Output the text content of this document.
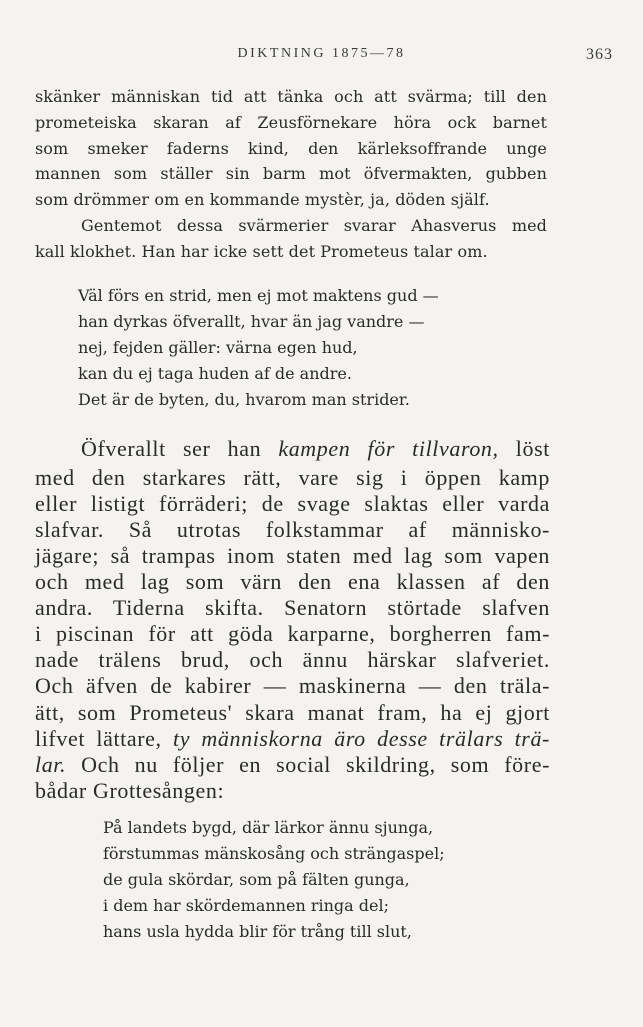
DIKTNING 1875—78	363
skänker människan tid att tänka och att svärma; till den
prometeiska skaran af Zeusförnekare höra ock barnet
som smeker faderns kind, den kärleksoffrande unge
mannen som ställer sin barm mot öfvermakten, gubben
som drömmer om en kommande mystèr, ja, döden själf.
Gentemot dessa svärmerier svarar Ahasverus med
kall klokhet. Han har icke sett det Prometeus talar om.
Väl förs en strid, men ej mot maktens gud —
han dyrkas öfverallt, hvar än jag vandre —
nej, fejden gäller: värna egen hud,
kan du ej taga huden af de andre.
Det är de byten, du, hvarom man strider.
Öfverallt ser han kampen för tillvaron, löst
med den starkares rätt, vare sig i öppen kamp
eller listigt förräderi; de svage slaktas eller varda
slafvar. Så utrotas folkstammar af människo-
jägare; så trampas inom staten med lag som vapen
och med lag som värn den ena klassen af den
andra. Tiderna skifta. Senatorn störtade slafven
i piscinan för att göda karparne, borgherren fam-
nade trälens brud, och ännu härskar slafveriet.
Och äfven de kabirer — maskinerna — den träla-
ätt, som Prometeus' skara manat fram, ha ej gjort
lifvet lättare, ty människorna äro desse trälars trä-
lar. Och nu följer en social skildring, som före-
bådar Grottesången:
På landets bygd, där lärkor ännu sjunga,
förstummas mänskosång och strängaspel;
de gula skördar, som på fälten gunga,
i dem har skördemannen ringa del;
hans usla hydda blir för trång till slut,
